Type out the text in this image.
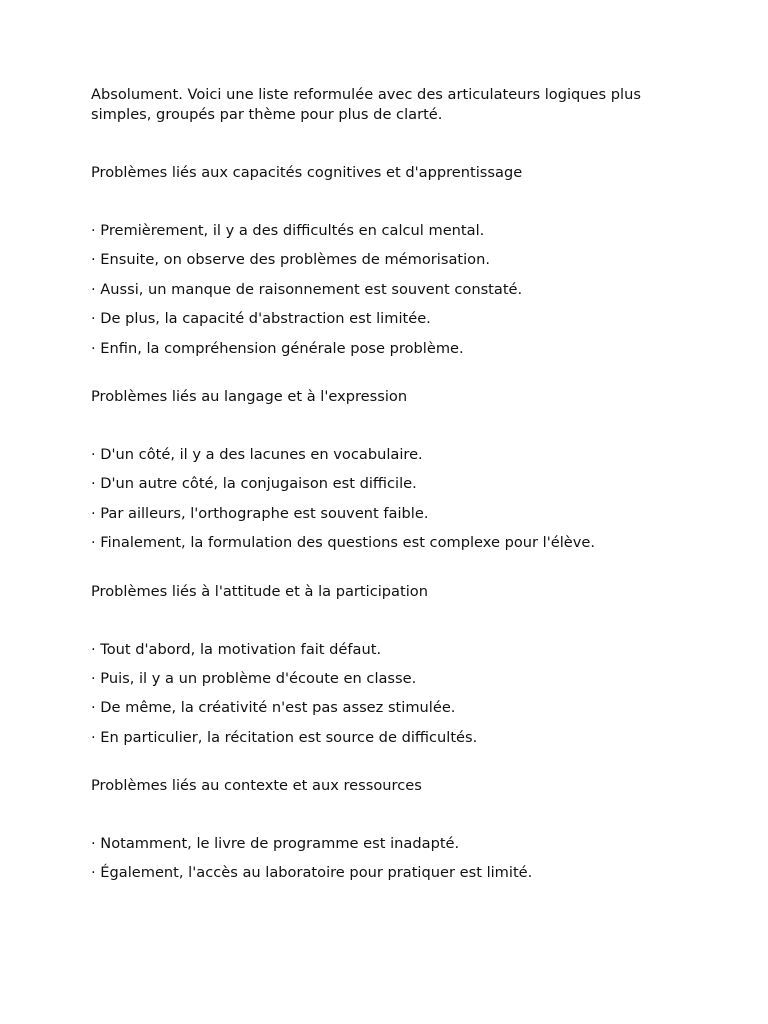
Absolument. Voici une liste reformulée avec des articulateurs logiques plus simples, groupés par thème pour plus de clarté.

Problèmes liés aux capacités cognitives et d'apprentissage

· Premièrement, il y a des difficultés en calcul mental.
· Ensuite, on observe des problèmes de mémorisation.
· Aussi, un manque de raisonnement est souvent constaté.
· De plus, la capacité d'abstraction est limitée.
· Enfin, la compréhension générale pose problème.

Problèmes liés au langage et à l'expression

· D'un côté, il y a des lacunes en vocabulaire.
· D'un autre côté, la conjugaison est difficile.
· Par ailleurs, l'orthographe est souvent faible.
· Finalement, la formulation des questions est complexe pour l'élève.

Problèmes liés à l'attitude et à la participation

· Tout d'abord, la motivation fait défaut.
· Puis, il y a un problème d'écoute en classe.
· De même, la créativité n'est pas assez stimulée.
· En particulier, la récitation est source de difficultés.

Problèmes liés au contexte et aux ressources

· Notamment, le livre de programme est inadapté.
· Également, l'accès au laboratoire pour pratiquer est limité.
